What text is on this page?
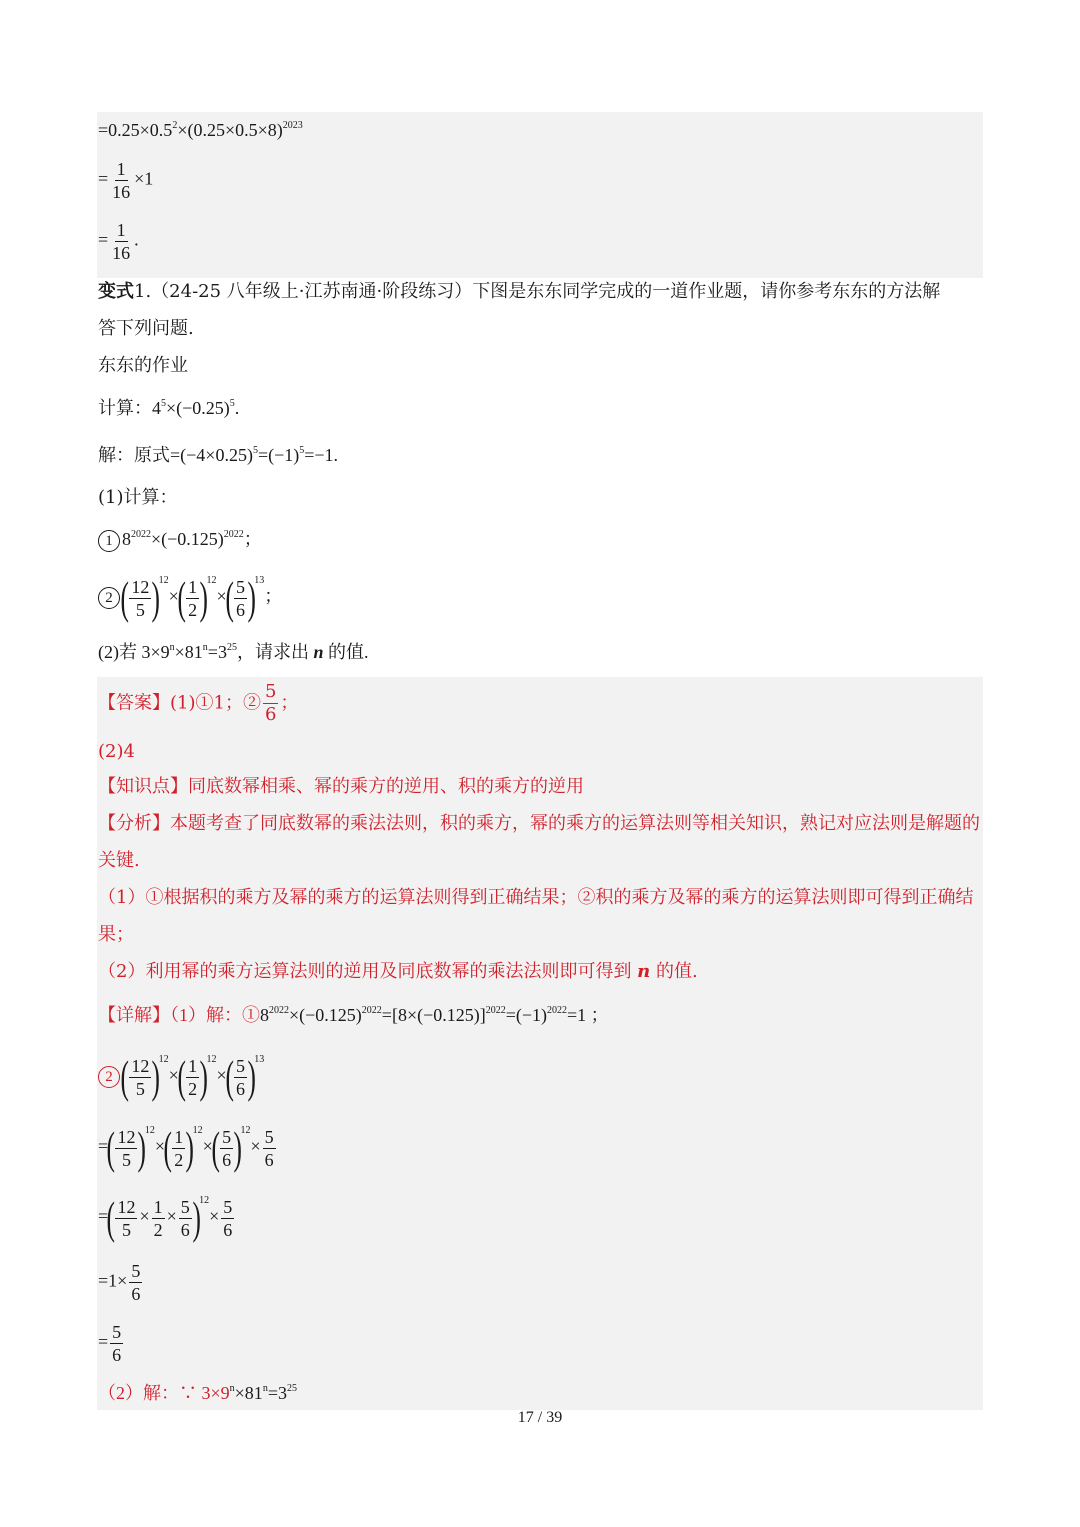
$=0.25\times 0.5^2\times(0.25\times 0.5\times 8)^{2023}$
= $\frac{1}{16} \times 1$
= $\frac{1}{16}$ .
变式1.（24-25 八年级上·江苏南通·阶段练习）下图是东东同学完成的一道作业题，请你参考东东的方法解
答下列问题.
东东的作业
计算：$4^5\times(-0.25)^5$.
解：原式$=(-4\times 0.25)^5=(-1)^5=-1$.
(1)计算：
1 $8^{2022}\times(-0.125)^{2022}$；
2 ( $\frac{12}{5} )^{12}\times( \frac{1}{2} )^{12}\times( \frac{5}{6} )^{13}$；
(2)若 $3\times 9^n\times 81^n=3^{25}$，请求出 n 的值.
【答案】(1)①1；② $\frac{5}{6}$ ；
(2)4
【知识点】同底数幂相乘、幂的乘方的逆用、积的乘方的逆用
【分析】本题考查了同底数幂的乘法法则，积的乘方，幂的乘方的运算法则等相关知识，熟记对应法则是解题的关键.
（1）①根据积的乘方及幂的乘方的运算法则得到正确结果；②积的乘方及幂的乘方的运算法则即可得到正确结果；
（2）利用幂的乘方运算法则的逆用及同底数幂的乘法法则即可得到 n 的值.
【详解】（1）解：$①8^{2022}\times(-0.125)^{2022}=[8\times(-0.125)]^{2022}=(-1)^{2022}=1$ ；
2 ( $\frac{12}{5} )^{12}\times( \frac{1}{2} )^{12}\times( \frac{5}{6} )^{13}$
=( $\frac{12}{5} )^{12}\times( \frac{1}{2} )^{12}\times( \frac{5}{6} )^{12}\times \frac{5}{6}$
=( $\frac{12}{5} \times \frac{1}{2} \times \frac{5}{6} )^{12}\times \frac{5}{6}$
$=1\times \frac{5}{6}$
= $\frac{5}{6}$
（2）解：∵ $3\times 9^n\times 81^n=3^{25}$
17 / 39
